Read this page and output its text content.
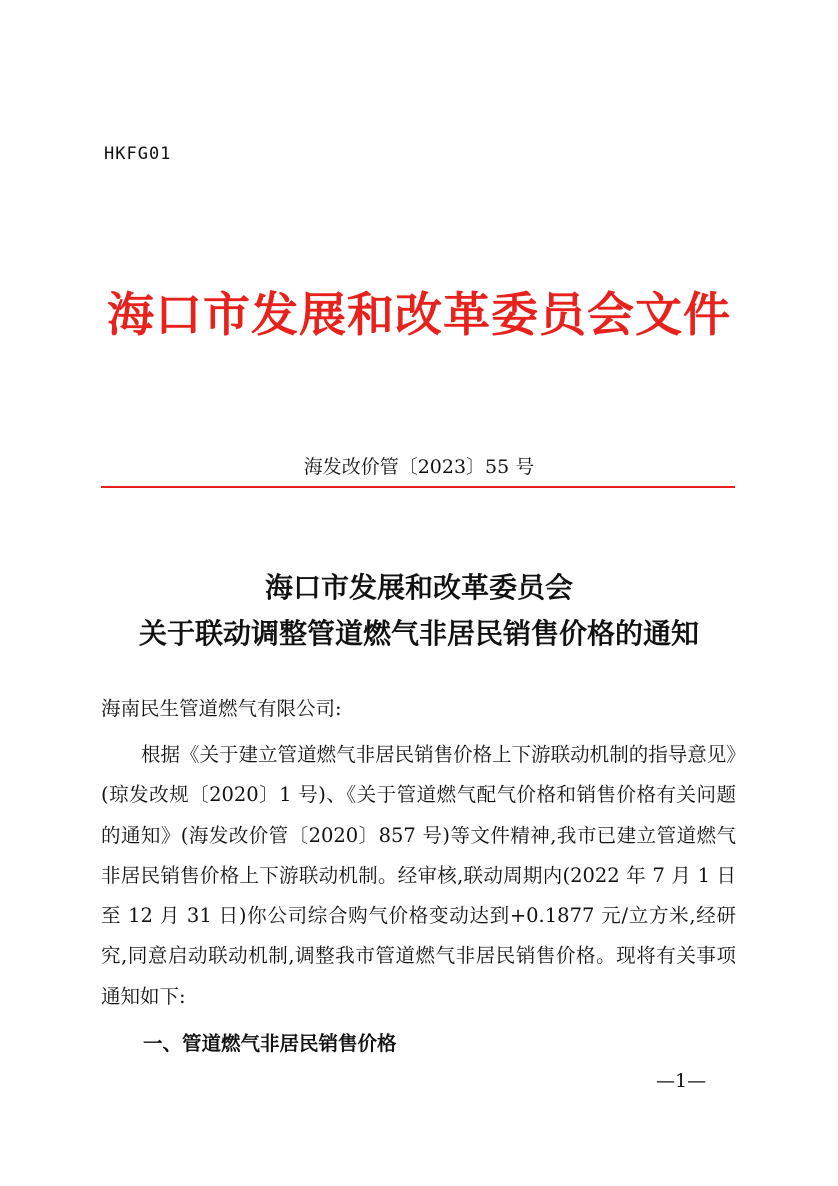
HKFG01
海口市发展和改革委员会文件
海发改价管〔2023〕55 号
海口市发展和改革委员会
关于联动调整管道燃气非居民销售价格的通知
海南民生管道燃气有限公司:
根据《关于建立管道燃气非居民销售价格上下游联动机制的指导意见》(琼发改规〔2020〕1 号)、《关于管道燃气配气价格和销售价格有关问题的通知》(海发改价管〔2020〕857 号)等文件精神,我市已建立管道燃气非居民销售价格上下游联动机制。经审核,联动周期内(2022 年 7 月 1 日至 12 月 31 日)你公司综合购气价格变动达到+0.1877 元/立方米,经研究,同意启动联动机制,调整我市管道燃气非居民销售价格。现将有关事项通知如下:
一、管道燃气非居民销售价格
—1—
